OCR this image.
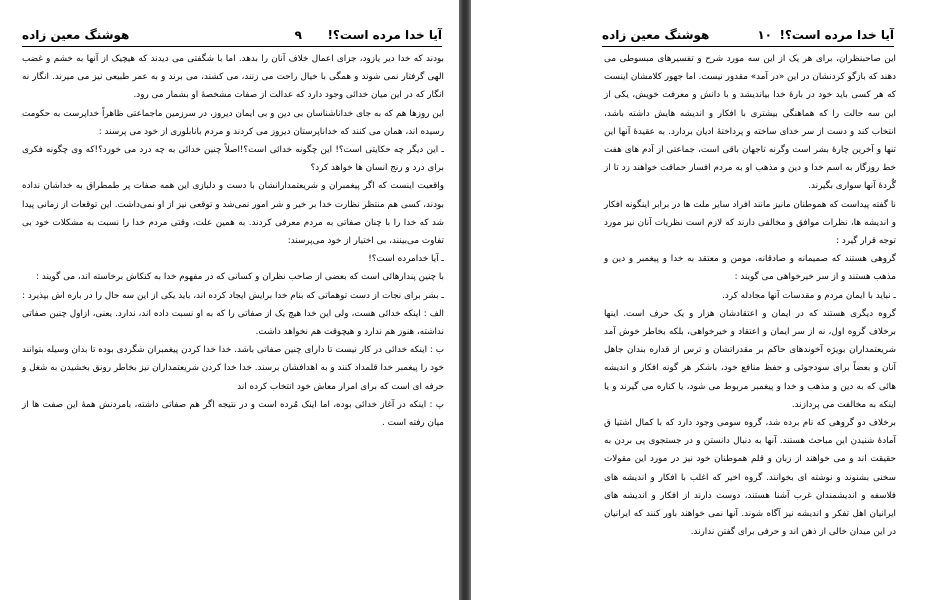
آیا خدا مرده است؟!
۹
هوشنگ معین زاده

بودند که خدا دیر یازود، جزای اعمال خلاف آنان را بدهد. اما با شگفتی می دیدند که هیچیک از آنها به خشم و غضب الهی گرفتار نمی شوند و همگی با خیال راحت می زنند، می کشند، می برند و به عمر طبیعی نیز می میرند. انگار نه انگار که در این میان خدائی وجود دارد که عدالت از صفات مشخصهٔ او بشمار می رود.

این روزها هم که به جای خداناشناسان بی دین و بی ایمان دیروز، در سرزمین ماجماعتی ظاهراً خداپرست به حکومت رسیده اند، همان می کنند که خداناپرستان دیروز می کردند و مردم بانابلوری از خود می پرسند :

ـ این دیگر چه حکایتی است؟! این چگونه خدائی است؟!اصلاً چنین خدائی به چه درد می خورد؟!که وی چگونه فکری برای درد و رنج انسان ها خواهد کرد؟

واقعیت اینست که اگر پیغمبران و شریعتمدارانشان با دست و دلبازی این همه صفات پر طمطراق به خداشان نداده بودند، کسی هم منتظر نظارت خدا بر خیر و شر امور نمی‌شد و توقعی نیز از او نمی‌داشت. این توقعات از زمانی پیدا شد که خدا را با چنان صفاتی به مردم معرفی کردند. به همین علت، وقتی مردم خدا را نسبت به مشکلات خود بی تفاوت می‌بینند، بی اختیار از خود می‌پرسند:

ـ آیا خدامرده است؟!

با چنین پندارهائی است که بعضی از صاحب نظران و کسانی که در مفهوم خدا به کنکاش برخاسته اند، می گویند :

ـ بشر برای نجات از دست توهماتی که بنام خدا برایش ایجاد کرده اند، باید یکی از این سه حال را در باره اش بپذیرد :

الف : اینکه خدائی هست، ولی این خدا هیچ یک از صفاتی را که به او نسبت داده اند، ندارد. یعنی، ازاول چنین صفاتی نداشته، هنوز هم ندارد و هیچوقت هم نخواهد داشت.

ب : اینکه خدائی در کار نیست تا دارای چنین صفاتی باشد. خدا خدا کردن پیغمبران شگردی بوده تا بدان وسیله بتوانند خود را پیغمبر خدا قلمداد کنند و به اهدافشان برسند. خدا خدا کردن شریعتمداران نیز بخاطر رونق بخشیدن به شغل و حرفه ای است که برای امرار معاش خود انتخاب کرده اند

پ : اینکه در آغاز خدائی بوده، اما اینک مُرده است و در نتیجه اگر هم صفاتی داشته، بامردنش همهٔ این صفت ها از میان رفته است .

آیا خدا مرده است؟!
۱۰
هوشنگ معین زاده

این صاحبنظران، برای هر یک از این سه مورد شرح و تفسیرهای مبسوطی می دهند که بازگو کردنشان در این «در آمد» مقدور نیست. اما جهور کلامشان اینست که هر کسی باید خود در بارهٔ خدا بیاندیشد و با دانش و معرفت خویش، یکی از این سه حالت را که هماهنگی بیشتری با افکار و اندیشه هایش داشته باشد، انتخاب کند و دست از سر خدای ساخته و پرداختهٔ ادیان بردارد. به عقیدهٔ آنها این تنها و آخرین چارهٔ بشر است وگرنه تاجهان باقی است، جماعتی از آدم های هفت خط روزگار به اسم خدا و دین و مذهب او به مردم افسار حماقت خواهند زد تا از گُردهٔ آنها سواری بگیرند.

نا گفته پیداست که هموطنان مانیز مانند افراد سایر ملت ها در برابر اینگونه افکار و اندیشه ها، نظرات موافق و مخالفی دارند که لازم است نظریات آنان نیز مورد توجه قرار گیرد :

گروهی هستند که صمیمانه و صادقانه، مومن و معتقد به خدا و پیغمبر و دین و مذهب هستند و از سر خیرخواهی می گویند :

ـ نباید با ایمان مردم و مقدسات آنها مجادله کرد.

گروه دیگری هستند که در ایمان و اعتقادشان هزار و یک حرف است. اینها برخلاف گروه اول، نه از سر ایمان و اعتقاد و خیرخواهی، بلکه بخاطر خوش آمد شریعتمداران بویژه آخوندهای حاکم بر مقدراتشان و ترس از قداره بندان جاهل آنان و بعضاً برای سودجوئی و حفظ منافع خود، باشکر هر گونه افکار و اندیشه هائی که به دین و مذهب و خدا و پیغمبر مربوط می شود، یا کناره می گیرند و یا اینکه به مخالفت می پردازند.

برخلاف دو گروهی که نام برده شد، گروه سومی وجود دارد که با کمال اشتیا ق آمادهٔ شنیدن این مباحث هستند. آنها به دنبال دانستن و در جستجوی پی بردن به حقیقت اند و می خواهند از زبان و قلم هموطنان خود نیز در مورد این مقولات سخنی بشنوند و نوشته ای بخوانند. گروه اخیر که اغلب با افکار و اندیشه های فلاسفه و اندیشمندان غرب آشنا هستند، دوست دارند از افکار و اندیشه های ایرانیان اهل تفکر و اندیشه نیز آگاه شوند. آنها نمی خواهند باور کنند که ایرانیان در این میدان خالی از ذهن اند و حرفی برای گفتن ندارند.
